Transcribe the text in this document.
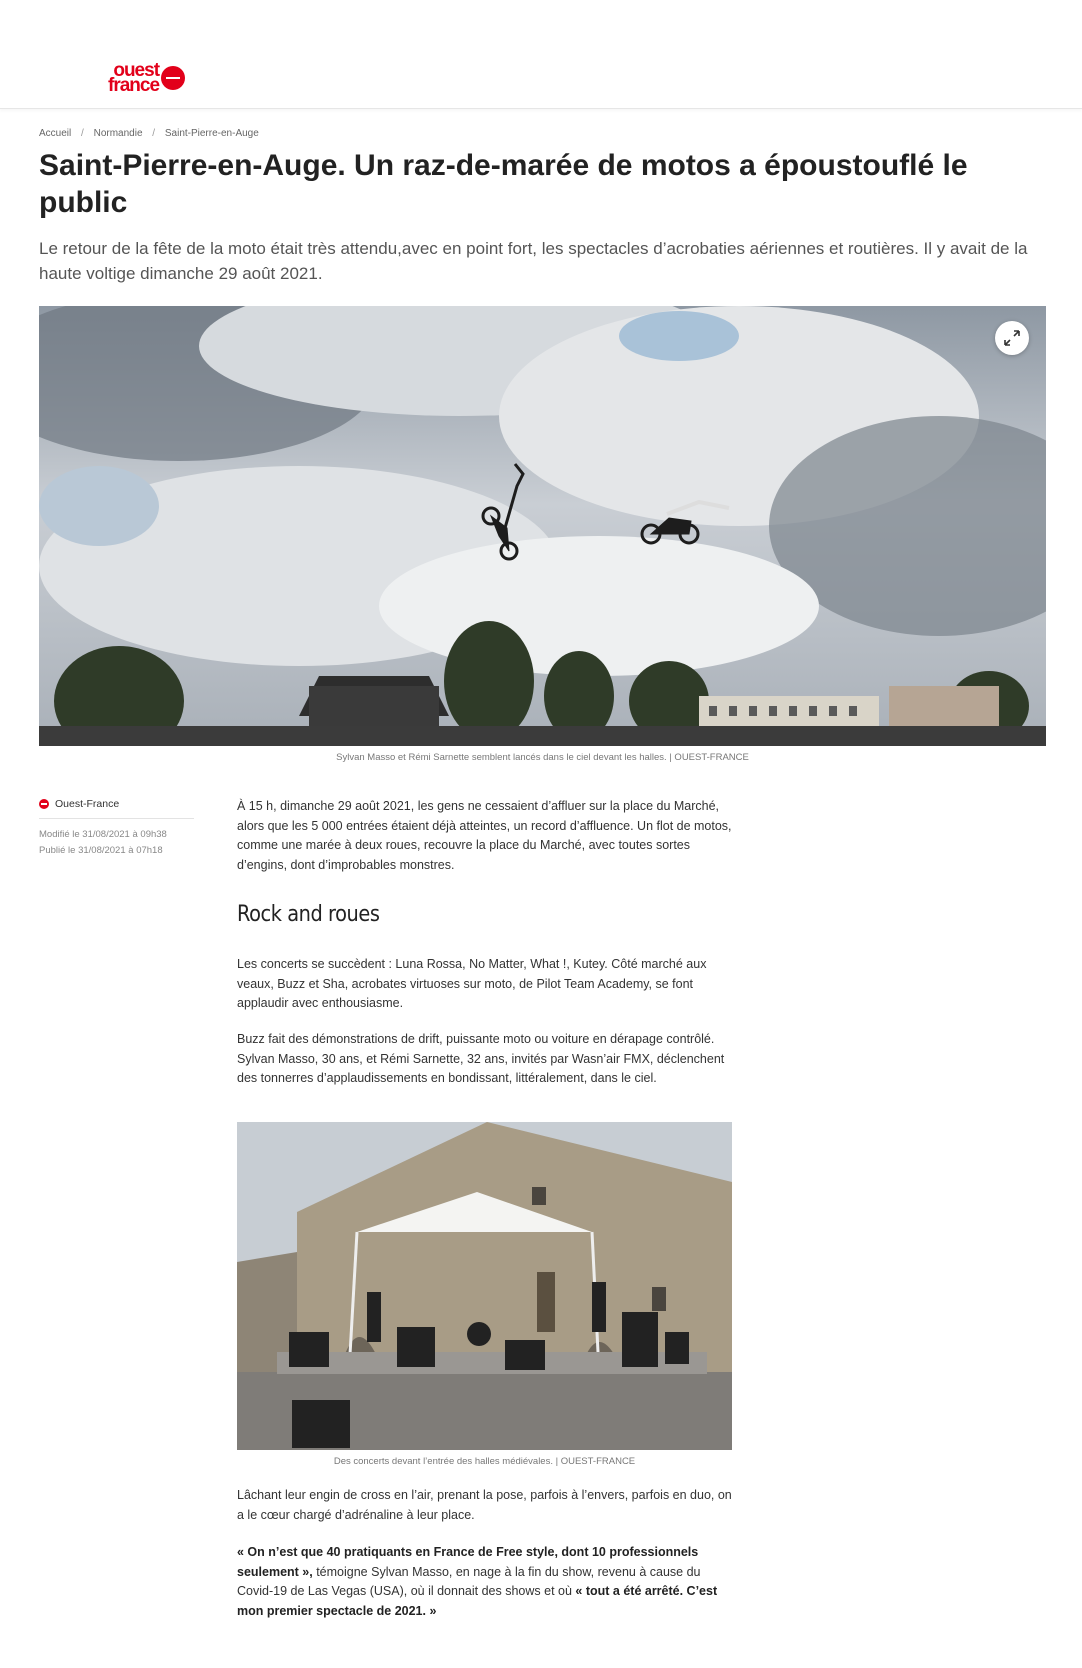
ouest
france
Accueil / Normandie / Saint-Pierre-en-Auge
Saint-Pierre-en-Auge. Un raz-de-marée de motos a époustouflé le public

Le retour de la fête de la moto était très attendu,avec en point fort, les spectacles d’acrobaties aériennes et routières. Il y avait de la haute voltige dimanche 29 août 2021.

Sylvan Masso et Rémi Sarnette semblent lancés dans le ciel devant les halles. | OUEST-FRANCE
Ouest-France
Modifié le 31/08/2021 à 09h38
Publié le 31/08/2021 à 07h18

À 15 h, dimanche 29 août 2021, les gens ne cessaient d’affluer sur la place du Marché, alors que les 5 000 entrées étaient déjà atteintes, un record d’affluence. Un flot de motos, comme une marée à deux roues, recouvre la place du Marché, avec toutes sortes d’engins, dont d’improbables monstres.

Rock and roues

Les concerts se succèdent : Luna Rossa, No Matter, What !, Kutey. Côté marché aux veaux, Buzz et Sha, acrobates virtuoses sur moto, de Pilot Team Academy, se font applaudir avec enthousiasme.

Buzz fait des démonstrations de drift, puissante moto ou voiture en dérapage contrôlé. Sylvan Masso, 30 ans, et Rémi Sarnette, 32 ans, invités par Wasn’air FMX, déclenchent des tonnerres d’applaudissements en bondissant, littéralement, dans le ciel.

Des concerts devant l’entrée des halles médiévales. | OUEST-FRANCE

Lâchant leur engin de cross en l’air, prenant la pose, parfois à l’envers, parfois en duo, on a le cœur chargé d’adrénaline à leur place.

« On n’est que 40 pratiquants en France de Free style, dont 10 professionnels seulement », témoigne Sylvan Masso, en nage à la fin du show, revenu à cause du Covid-19 de Las Vegas (USA), où il donnait des shows et où « tout a été arrêté. C’est mon premier spectacle de 2021. »
